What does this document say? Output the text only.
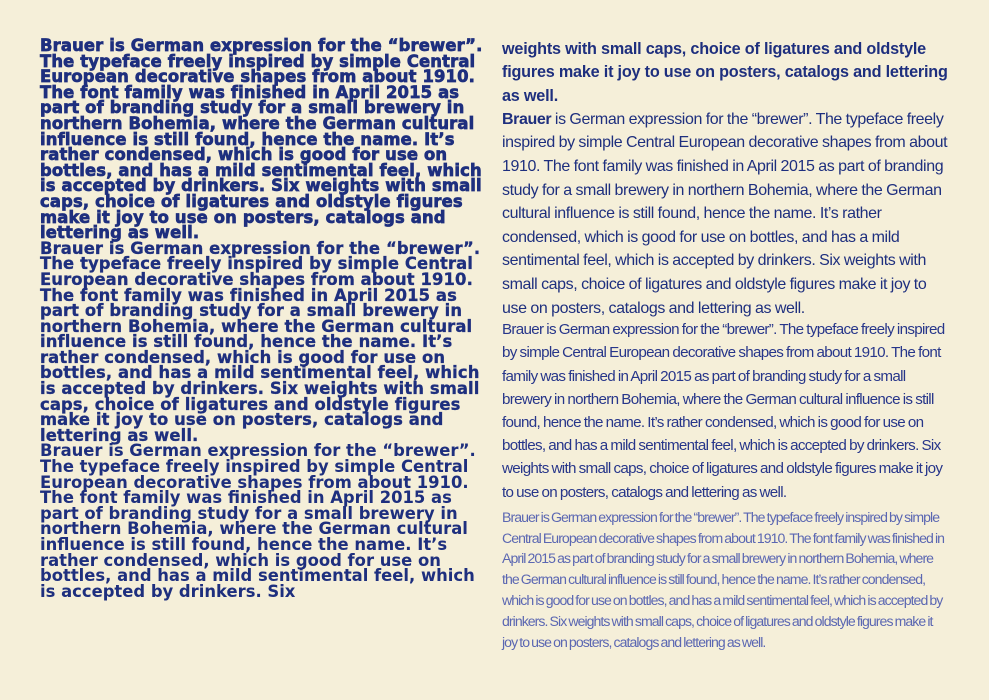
Brauer is German expression for the “brewer”. The typeface freely inspired by simple Central European decorative shapes from about 1910. The font family was finished in April 2015 as part of branding study for a small brewery in northern Bohemia, where the German cultural influence is still found, hence the name. It’s rather condensed, which is good for use on bottles, and has a mild sentimental feel, which is accepted by drinkers. Six weights with small caps, choice of ligatures and oldstyle figures make it joy to use on posters, catalogs and lettering as well.

Brauer is German expression for the “brewer”. The typeface freely inspired by simple Central European decorative shapes from about 1910. The font family was finished in April 2015 as part of branding study for a small brewery in northern Bohemia, where the German cultural influence is still found, hence the name. It’s rather condensed, which is good for use on bottles, and has a mild sentimental feel, which is accepted by drinkers. Six weights with small caps, choice of ligatures and oldstyle figures make it joy to use on posters, catalogs and lettering as well.

Brauer is German expression for the “brewer”. The typeface freely inspired by simple Central European decorative shapes from about 1910. The font family was finished in April 2015 as part of branding study for a small brewery in northern Bohemia, where the German cultural influence is still found, hence the name. It’s rather condensed, which is good for use on bottles, and has a mild sentimental feel, which is accepted by drinkers. Six

weights with small caps, choice of ligatures and oldstyle figures make it joy to use on posters, catalogs and lettering as well.

Brauer is German expression for the “brewer”. The typeface freely inspired by simple Central European decorative shapes from about 1910. The font family was finished in April 2015 as part of branding study for a small brewery in northern Bohemia, where the German cultural influence is still found, hence the name. It’s rather condensed, which is good for use on bottles, and has a mild sentimental feel, which is accepted by drinkers. Six weights with small caps, choice of ligatures and oldstyle figures make it joy to use on posters, catalogs and lettering as well.

Brauer is German expression for the “brewer”. The typeface freely inspired by simple Central European decorative shapes from about 1910. The font family was finished in April 2015 as part of branding study for a small brewery in northern Bohemia, where the German cultural influence is still found, hence the name. It’s rather condensed, which is good for use on bottles, and has a mild sentimental feel, which is accepted by drinkers. Six weights with small caps, choice of ligatures and oldstyle figures make it joy to use on posters, catalogs and lettering as well.

Brauer is German expression for the “brewer”. The typeface freely inspired by simple Central European decorative shapes from about 1910. The font family was finished in April 2015 as part of branding study for a small brewery in northern Bohemia, where the German cultural influence is still found, hence the name. It’s rather condensed, which is good for use on bottles, and has a mild sentimental feel, which is accepted by drinkers. Six weights with small caps, choice of ligatures and oldstyle figures make it joy to use on posters, catalogs and lettering as well.
